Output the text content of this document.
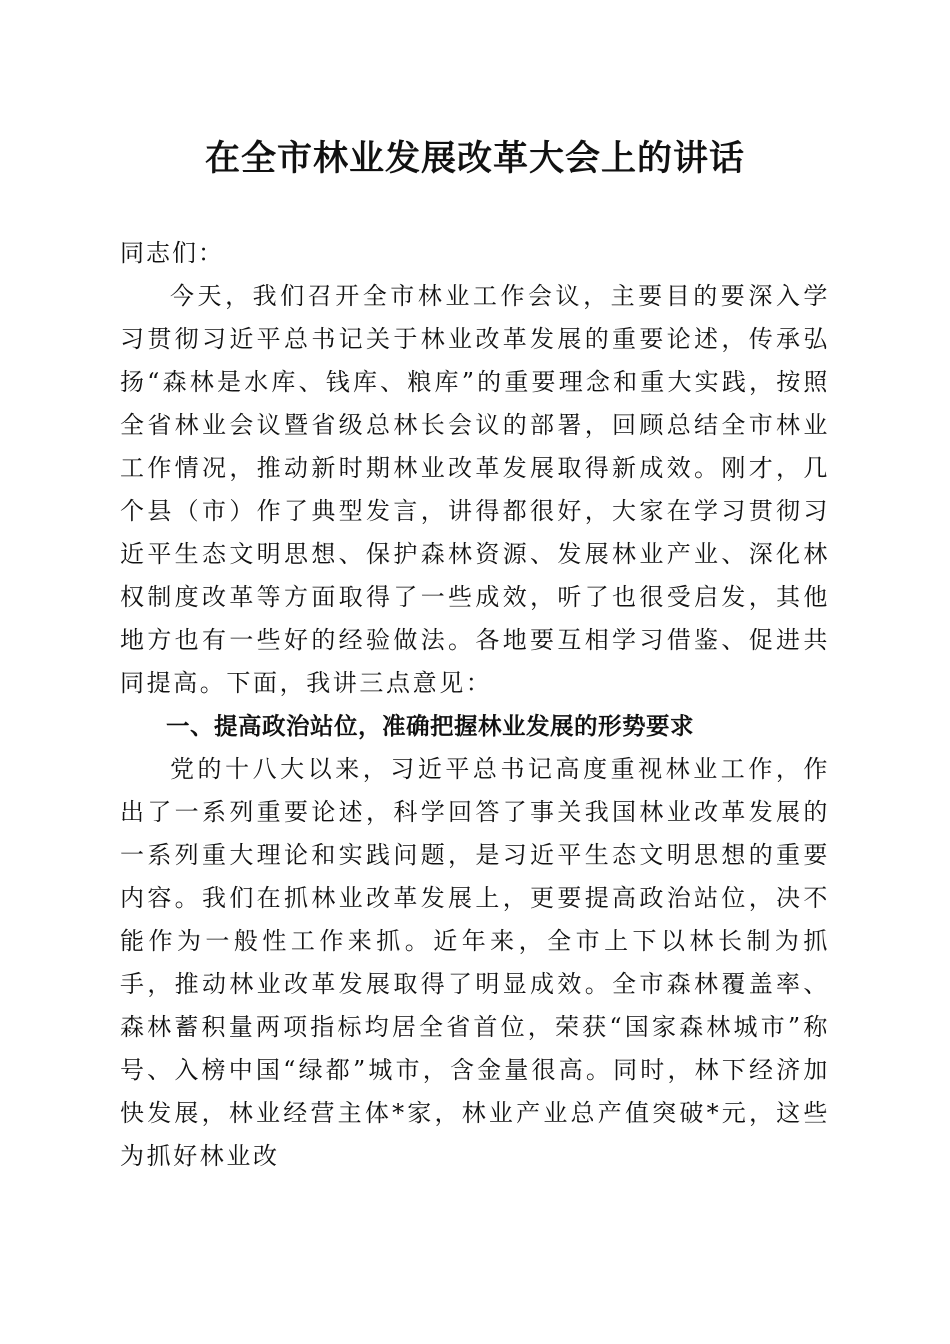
在全市林业发展改革大会上的讲话

同志们：

今天，我们召开全市林业工作会议，主要目的要深入学习贯彻习近平总书记关于林业改革发展的重要论述，传承弘扬“森林是水库、钱库、粮库”的重要理念和重大实践，按照全省林业会议暨省级总林长会议的部署，回顾总结全市林业工作情况，推动新时期林业改革发展取得新成效。刚才，几个县（市）作了典型发言，讲得都很好，大家在学习贯彻习近平生态文明思想、保护森林资源、发展林业产业、深化林权制度改革等方面取得了一些成效，听了也很受启发，其他地方也有一些好的经验做法。各地要互相学习借鉴、促进共同提高。下面，我讲三点意见：

一、提高政治站位，准确把握林业发展的形势要求

党的十八大以来，习近平总书记高度重视林业工作，作出了一系列重要论述，科学回答了事关我国林业改革发展的一系列重大理论和实践问题，是习近平生态文明思想的重要内容。我们在抓林业改革发展上，更要提高政治站位，决不能作为一般性工作来抓。近年来，全市上下以林长制为抓手，推动林业改革发展取得了明显成效。全市森林覆盖率、森林蓄积量两项指标均居全省首位，荣获“国家森林城市”称号、入榜中国“绿都”城市，含金量很高。同时，林下经济加快发展，林业经营主体*家，林业产业总产值突破*元，这些为抓好林业改
